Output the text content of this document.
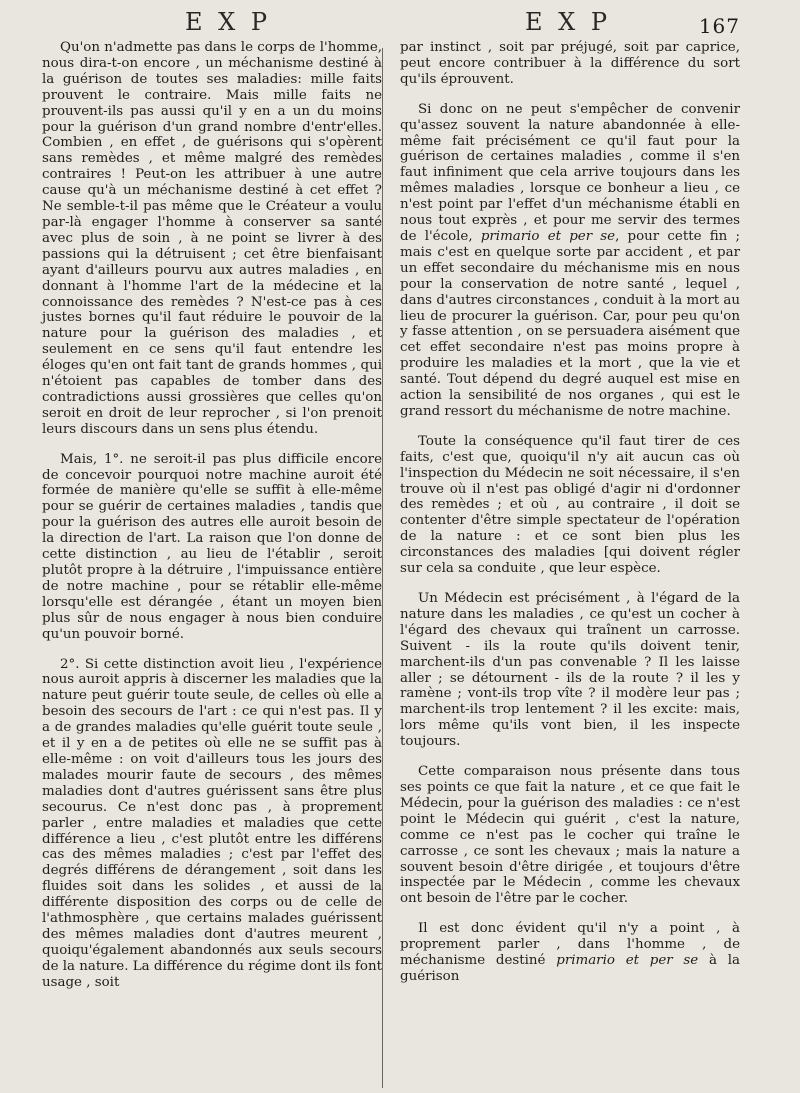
E X P	E X P	167

Qu'on n'admette pas dans le corps de l'homme, nous dira-t-on encore , un méchanisme destiné à la guérison de toutes ses maladies: mille faits prouvent le contraire. Mais mille faits ne prouvent-ils pas aussi qu'il y en a un du moins pour la guérison d'un grand nombre d'entr'elles. Combien , en effet , de guérisons qui s'opèrent sans remèdes , et même malgré des remèdes contraires ! Peut-on les attribuer à une autre cause qu'à un méchanisme destiné à cet effet ? Ne semble-t-il pas même que le Créateur a voulu par-là engager l'homme à conserver sa santé avec plus de soin , à ne point se livrer à des passions qui la détruisent ; cet être bienfaisant ayant d'ailleurs pourvu aux autres maladies , en donnant à l'homme l'art de la médecine et la connoissance des remèdes ? N'est-ce pas à ces justes bornes qu'il faut réduire le pouvoir de la nature pour la guérison des maladies , et seulement en ce sens qu'il faut entendre les éloges qu'en ont fait tant de grands hommes , qui n'étoient pas capables de tomber dans des contradictions aussi grossières que celles qu'on seroit en droit de leur reprocher , si l'on prenoit leurs discours dans un sens plus étendu.

Mais, 1°. ne seroit-il pas plus difficile encore de concevoir pourquoi notre machine auroit été formée de manière qu'elle se suffit à elle-même pour se guérir de certaines maladies , tandis que pour la guérison des autres elle auroit besoin de la direction de l'art. La raison que l'on donne de cette distinction , au lieu de l'établir , seroit plutôt propre à la détruire , l'impuissance entière de notre machine , pour se rétablir elle-même lorsqu'elle est dérangée , étant un moyen bien plus sûr de nous engager à nous bien conduire qu'un pouvoir borné.

2°. Si cette distinction avoit lieu , l'expérience nous auroit appris à discerner les maladies que la nature peut guérir toute seule, de celles où elle a besoin des secours de l'art : ce qui n'est pas. Il y a de grandes maladies qu'elle guérit toute seule , et il y en a de petites où elle ne se suffit pas à elle-même : on voit d'ailleurs tous les jours des malades mourir faute de secours , des mêmes maladies dont d'autres guérissent sans être plus secourus. Ce n'est donc pas , à proprement parler , entre maladies et maladies que cette différence a lieu , c'est plutôt entre les différens cas des mêmes maladies ; c'est par l'effet des degrés différens de dérangement , soit dans les fluides soit dans les solides , et aussi de la différente disposition des corps ou de celle de l'athmosphère , que certains malades guérissent des mêmes maladies dont d'autres meurent , quoiqu'également abandonnés aux seuls secours de la nature. La différence du régime dont ils font usage , soit

par instinct , soit par préjugé, soit par caprice, peut encore contribuer à la différence du sort qu'ils éprouvent.

Si donc on ne peut s'empêcher de convenir qu'assez souvent la nature abandonnée à elle-même fait précisément ce qu'il faut pour la guérison de certaines maladies , comme il s'en faut infiniment que cela arrive toujours dans les mêmes maladies , lorsque ce bonheur a lieu , ce n'est point par l'effet d'un méchanisme établi en nous tout exprès , et pour me servir des termes de l'école, primario et per se, pour cette fin ; mais c'est en quelque sorte par accident , et par un effet secondaire du méchanisme mis en nous pour la conservation de notre santé , lequel , dans d'autres circonstances , conduit à la mort au lieu de procurer la guérison. Car, pour peu qu'on y fasse attention , on se persuadera aisément que cet effet secondaire n'est pas moins propre à produire les maladies et la mort , que la vie et santé. Tout dépend du degré auquel est mise en action la sensibilité de nos organes , qui est le grand ressort du méchanisme de notre machine.

Toute la conséquence qu'il faut tirer de ces faits, c'est que, quoiqu'il n'y ait aucun cas où l'inspection du Médecin ne soit nécessaire, il s'en trouve où il n'est pas obligé d'agir ni d'ordonner des remèdes ; et où , au contraire , il doit se contenter d'être simple spectateur de l'opération de la nature : et ce sont bien plus les circonstances des maladies [qui doivent régler sur cela sa conduite , que leur espèce.

Un Médecin est précisément , à l'égard de la nature dans les maladies , ce qu'est un cocher à l'égard des chevaux qui traînent un carrosse. Suivent - ils la route qu'ils doivent tenir, marchent-ils d'un pas convenable ? Il les laisse aller ; se détournent - ils de la route ? il les y ramène ; vont-ils trop vîte ? il modère leur pas ; marchent-ils trop lentement ? il les excite: mais, lors même qu'ils vont bien, il les inspecte toujours.

Cette comparaison nous présente dans tous ses points ce que fait la nature , et ce que fait le Médecin, pour la guérison des maladies : ce n'est point le Médecin qui guérit , c'est la nature, comme ce n'est pas le cocher qui traîne le carrosse , ce sont les chevaux ; mais la nature a souvent besoin d'être dirigée , et toujours d'être inspectée par le Médecin , comme les chevaux ont besoin de l'être par le cocher.

Il est donc évident qu'il n'y a point , à proprement parler , dans l'homme , de méchanisme destiné primario et per se à la guérison
